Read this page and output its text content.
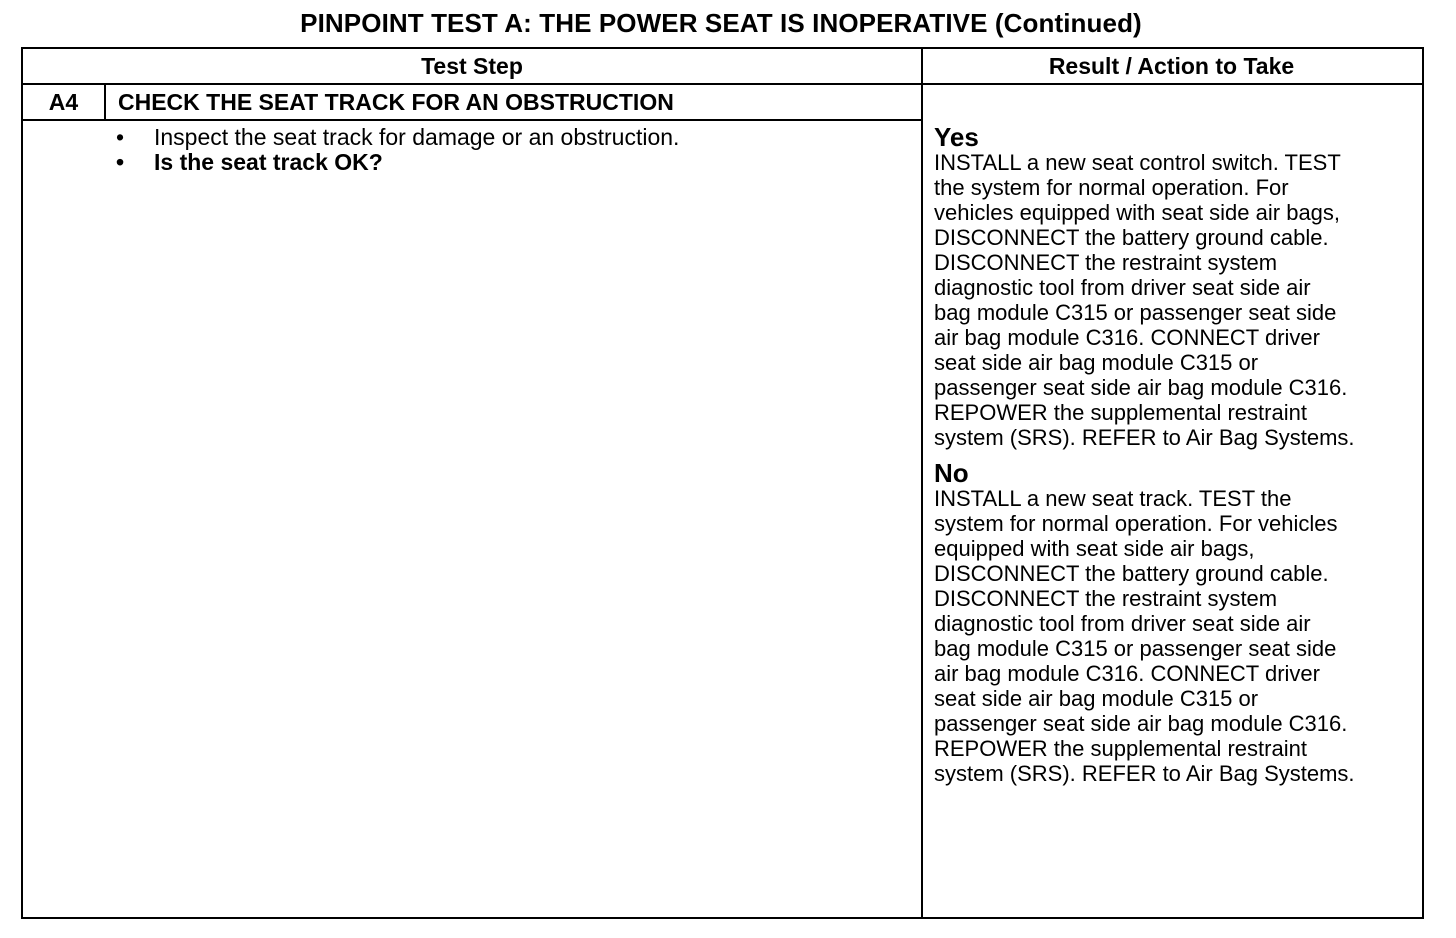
PINPOINT TEST A: THE POWER SEAT IS INOPERATIVE (Continued)
Test Step	Result / Action to Take
A4	CHECK THE SEAT TRACK FOR AN OBSTRUCTION
• Inspect the seat track for damage or an obstruction.
• Is the seat track OK?
Yes
INSTALL a new seat control switch. TEST
the system for normal operation. For
vehicles equipped with seat side air bags,
DISCONNECT the battery ground cable.
DISCONNECT the restraint system
diagnostic tool from driver seat side air
bag module C315 or passenger seat side
air bag module C316. CONNECT driver
seat side air bag module C315 or
passenger seat side air bag module C316.
REPOWER the supplemental restraint
system (SRS). REFER to Air Bag Systems.
No
INSTALL a new seat track. TEST the
system for normal operation. For vehicles
equipped with seat side air bags,
DISCONNECT the battery ground cable.
DISCONNECT the restraint system
diagnostic tool from driver seat side air
bag module C315 or passenger seat side
air bag module C316. CONNECT driver
seat side air bag module C315 or
passenger seat side air bag module C316.
REPOWER the supplemental restraint
system (SRS). REFER to Air Bag Systems.
